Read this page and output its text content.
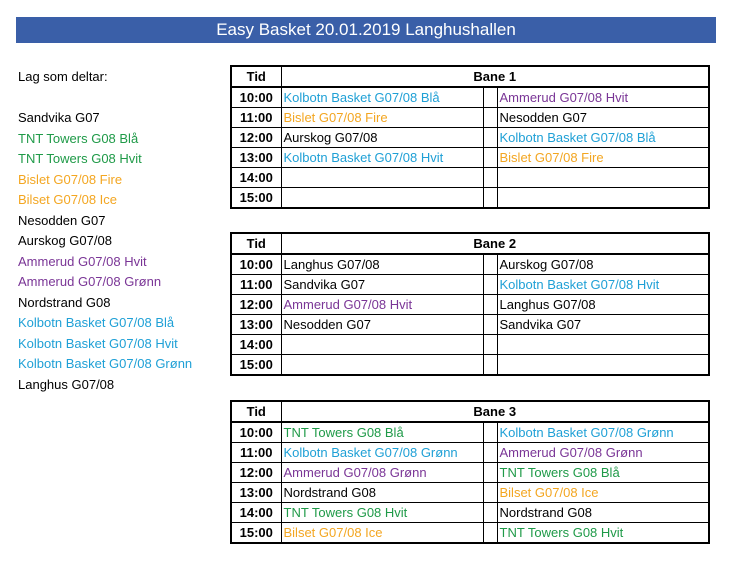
Easy Basket 20.01.2019 Langhushallen
Lag som deltar:
Sandvika G07
TNT Towers G08 Blå
TNT Towers G08 Hvit
Bislet G07/08 Fire
Bilset G07/08 Ice
Nesodden G07
Aurskog G07/08
Ammerud G07/08 Hvit
Ammerud G07/08 Grønn
Nordstrand G08
Kolbotn Basket G07/08 Blå
Kolbotn Basket G07/08 Hvit
Kolbotn Basket G07/08 Grønn
Langhus G07/08
Tid	Bane 1		
10:00	Kolbotn Basket G07/08 Blå		Ammerud G07/08 Hvit
11:00	Bislet G07/08 Fire		Nesodden G07
12:00	Aurskog G07/08		Kolbotn Basket G07/08 Blå
13:00	Kolbotn Basket G07/08 Hvit		Bislet G07/08 Fire
14:00			
15:00			
Tid	Bane 2		
10:00	Langhus G07/08		Aurskog G07/08
11:00	Sandvika G07		Kolbotn Basket G07/08 Hvit
12:00	Ammerud G07/08 Hvit		Langhus G07/08
13:00	Nesodden G07		Sandvika G07
14:00			
15:00			
Tid	Bane 3		
10:00	TNT Towers G08 Blå		Kolbotn Basket G07/08 Grønn
11:00	Kolbotn Basket G07/08 Grønn		Ammerud G07/08 Grønn
12:00	Ammerud G07/08 Grønn		TNT Towers G08 Blå
13:00	Nordstrand G08		Bilset G07/08 Ice
14:00	TNT Towers G08 Hvit		Nordstrand G08
15:00	Bilset G07/08 Ice		TNT Towers G08 Hvit
